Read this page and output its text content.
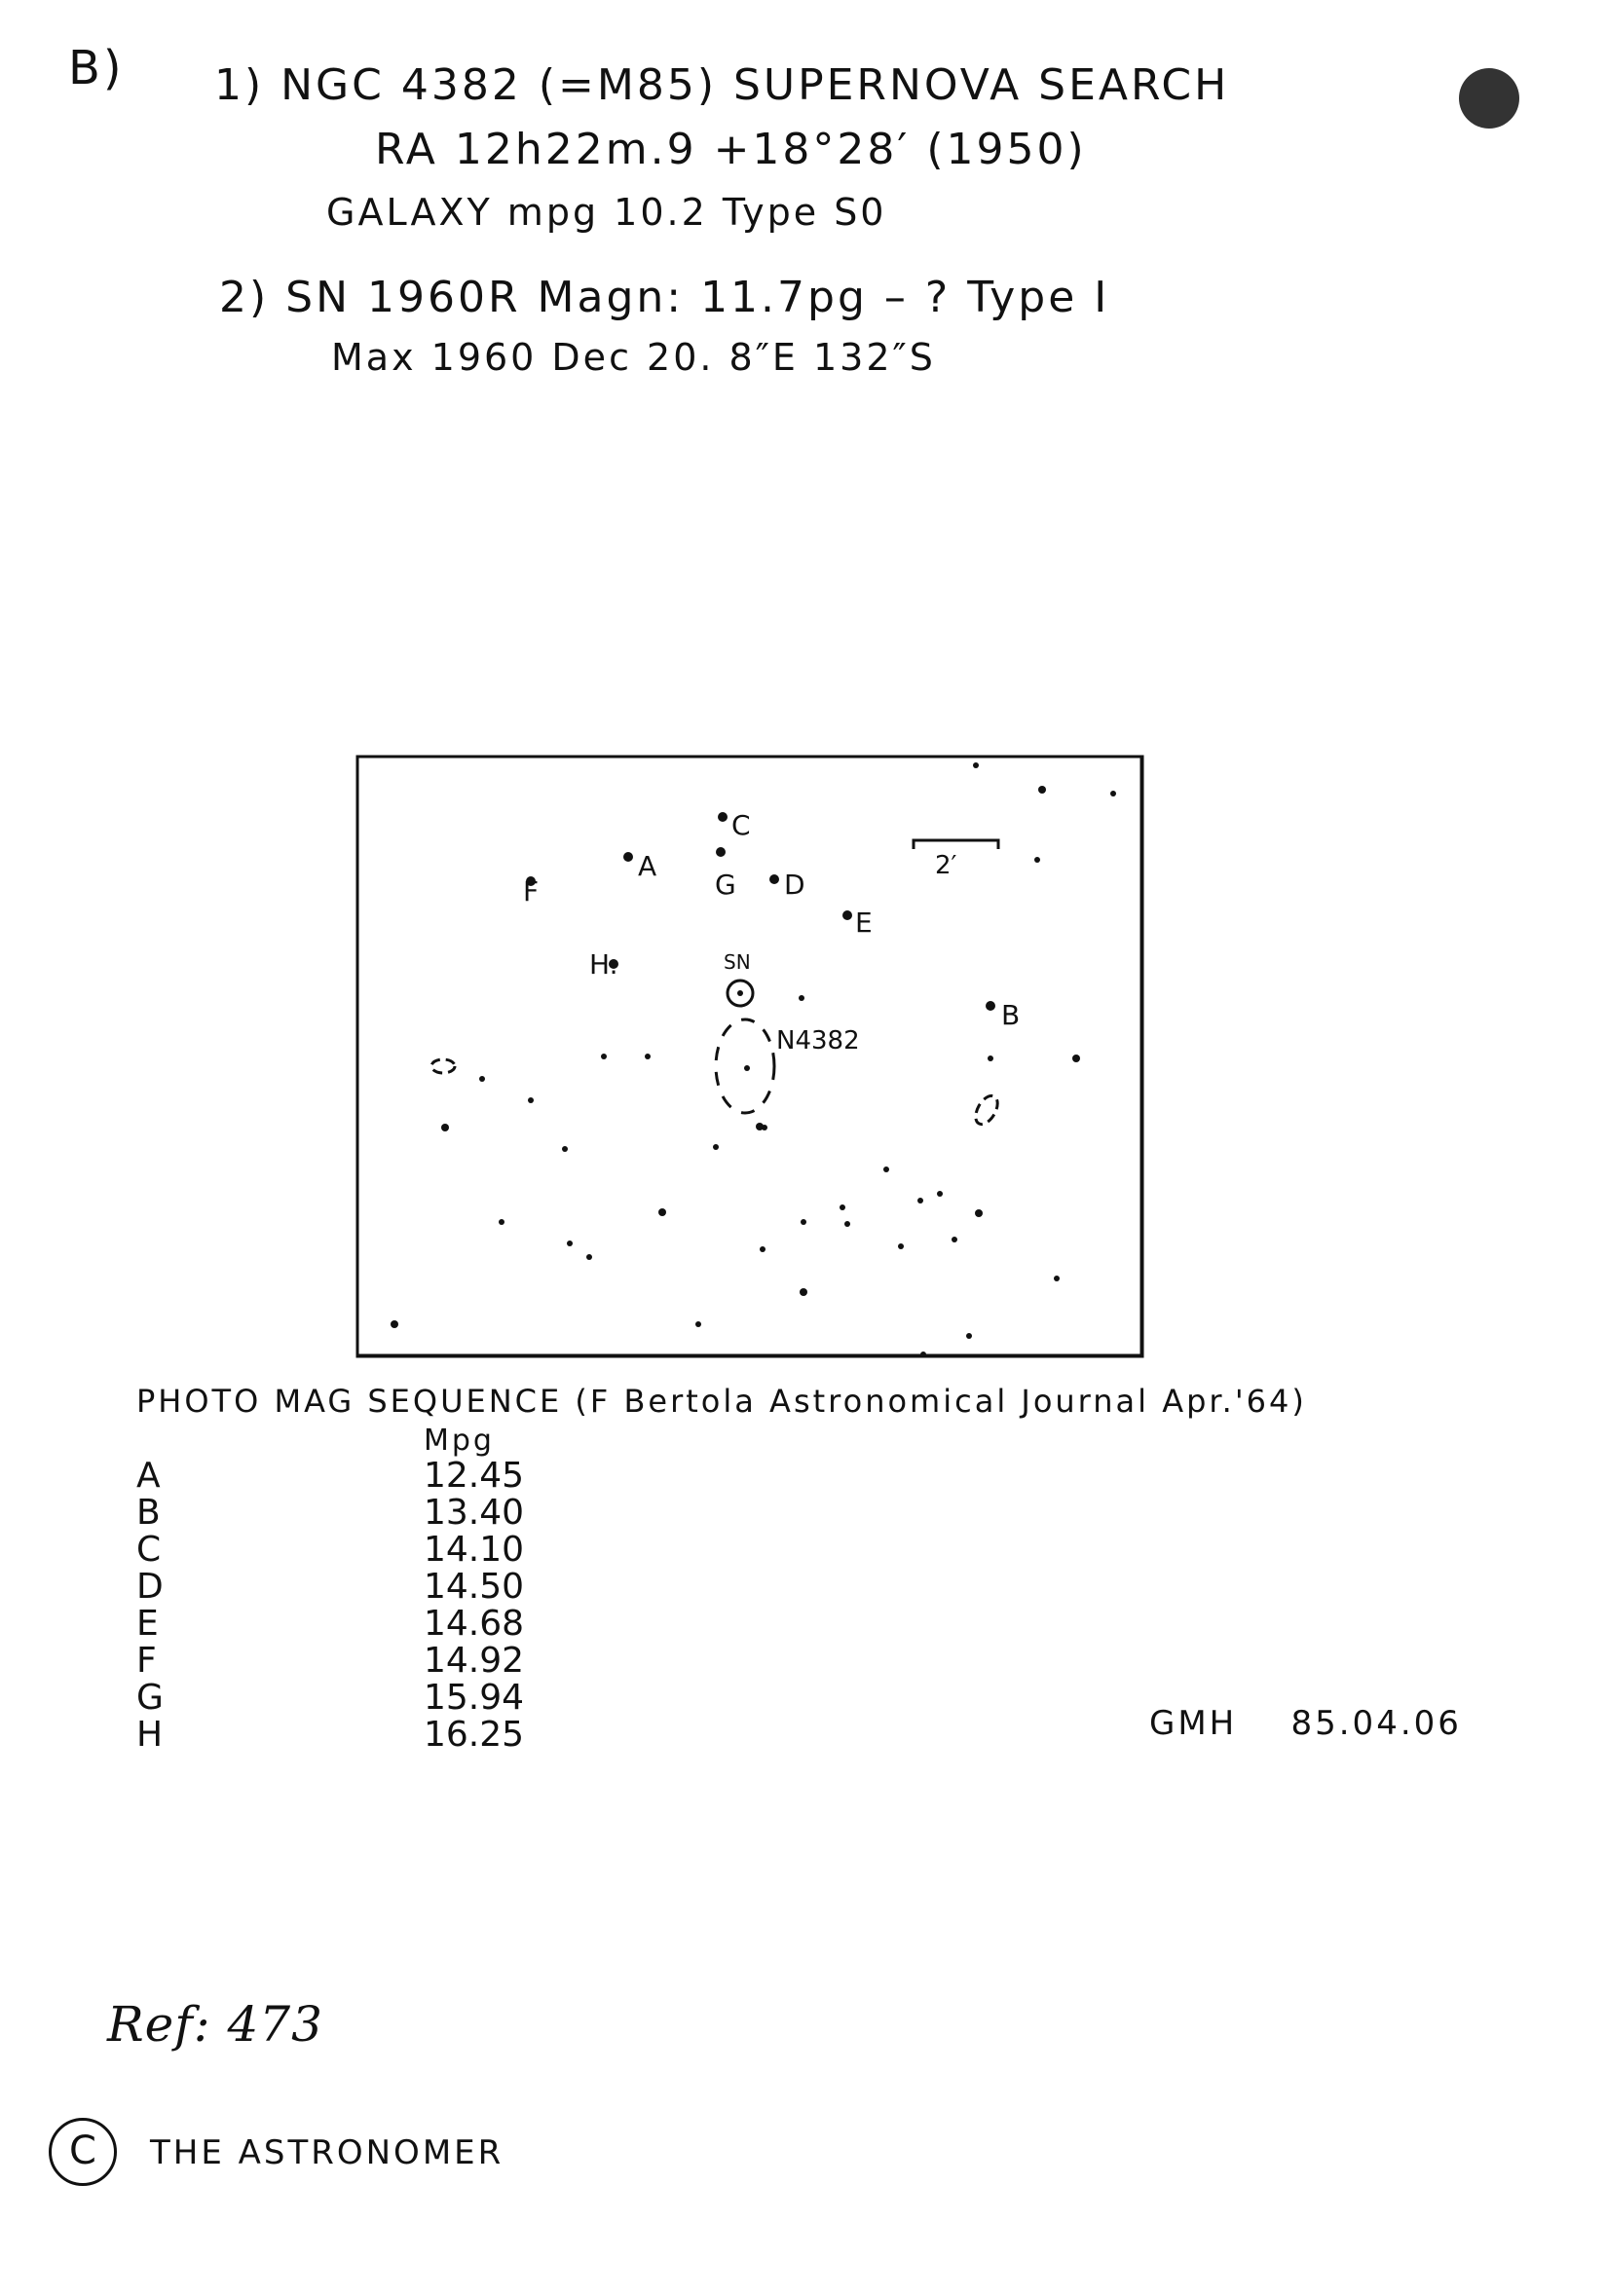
B) 1) NGC 4382 (=M85) SUPERNOVA SEARCH
RA 12h22m.9 +18°28′ (1950)
GALAXY mpg 10.2 Type S0
2) SN 1960R Magn: 11.7pg – ? Type I
Max 1960 Dec 20. 8″E 132″S
2′
SN
N4382
A
B
C
D
E
F	G
H.
PHOTO MAG SEQUENCE (F Bertola Astronomical Journal Apr.'64)
Mpg
A	12.45
B	13.40
C	14.10
D	14.50
E	14.68
F	14.92
G	15.94
H	16.25	GMH 85.04.06
Ref: 473
C THE ASTRONOMER
